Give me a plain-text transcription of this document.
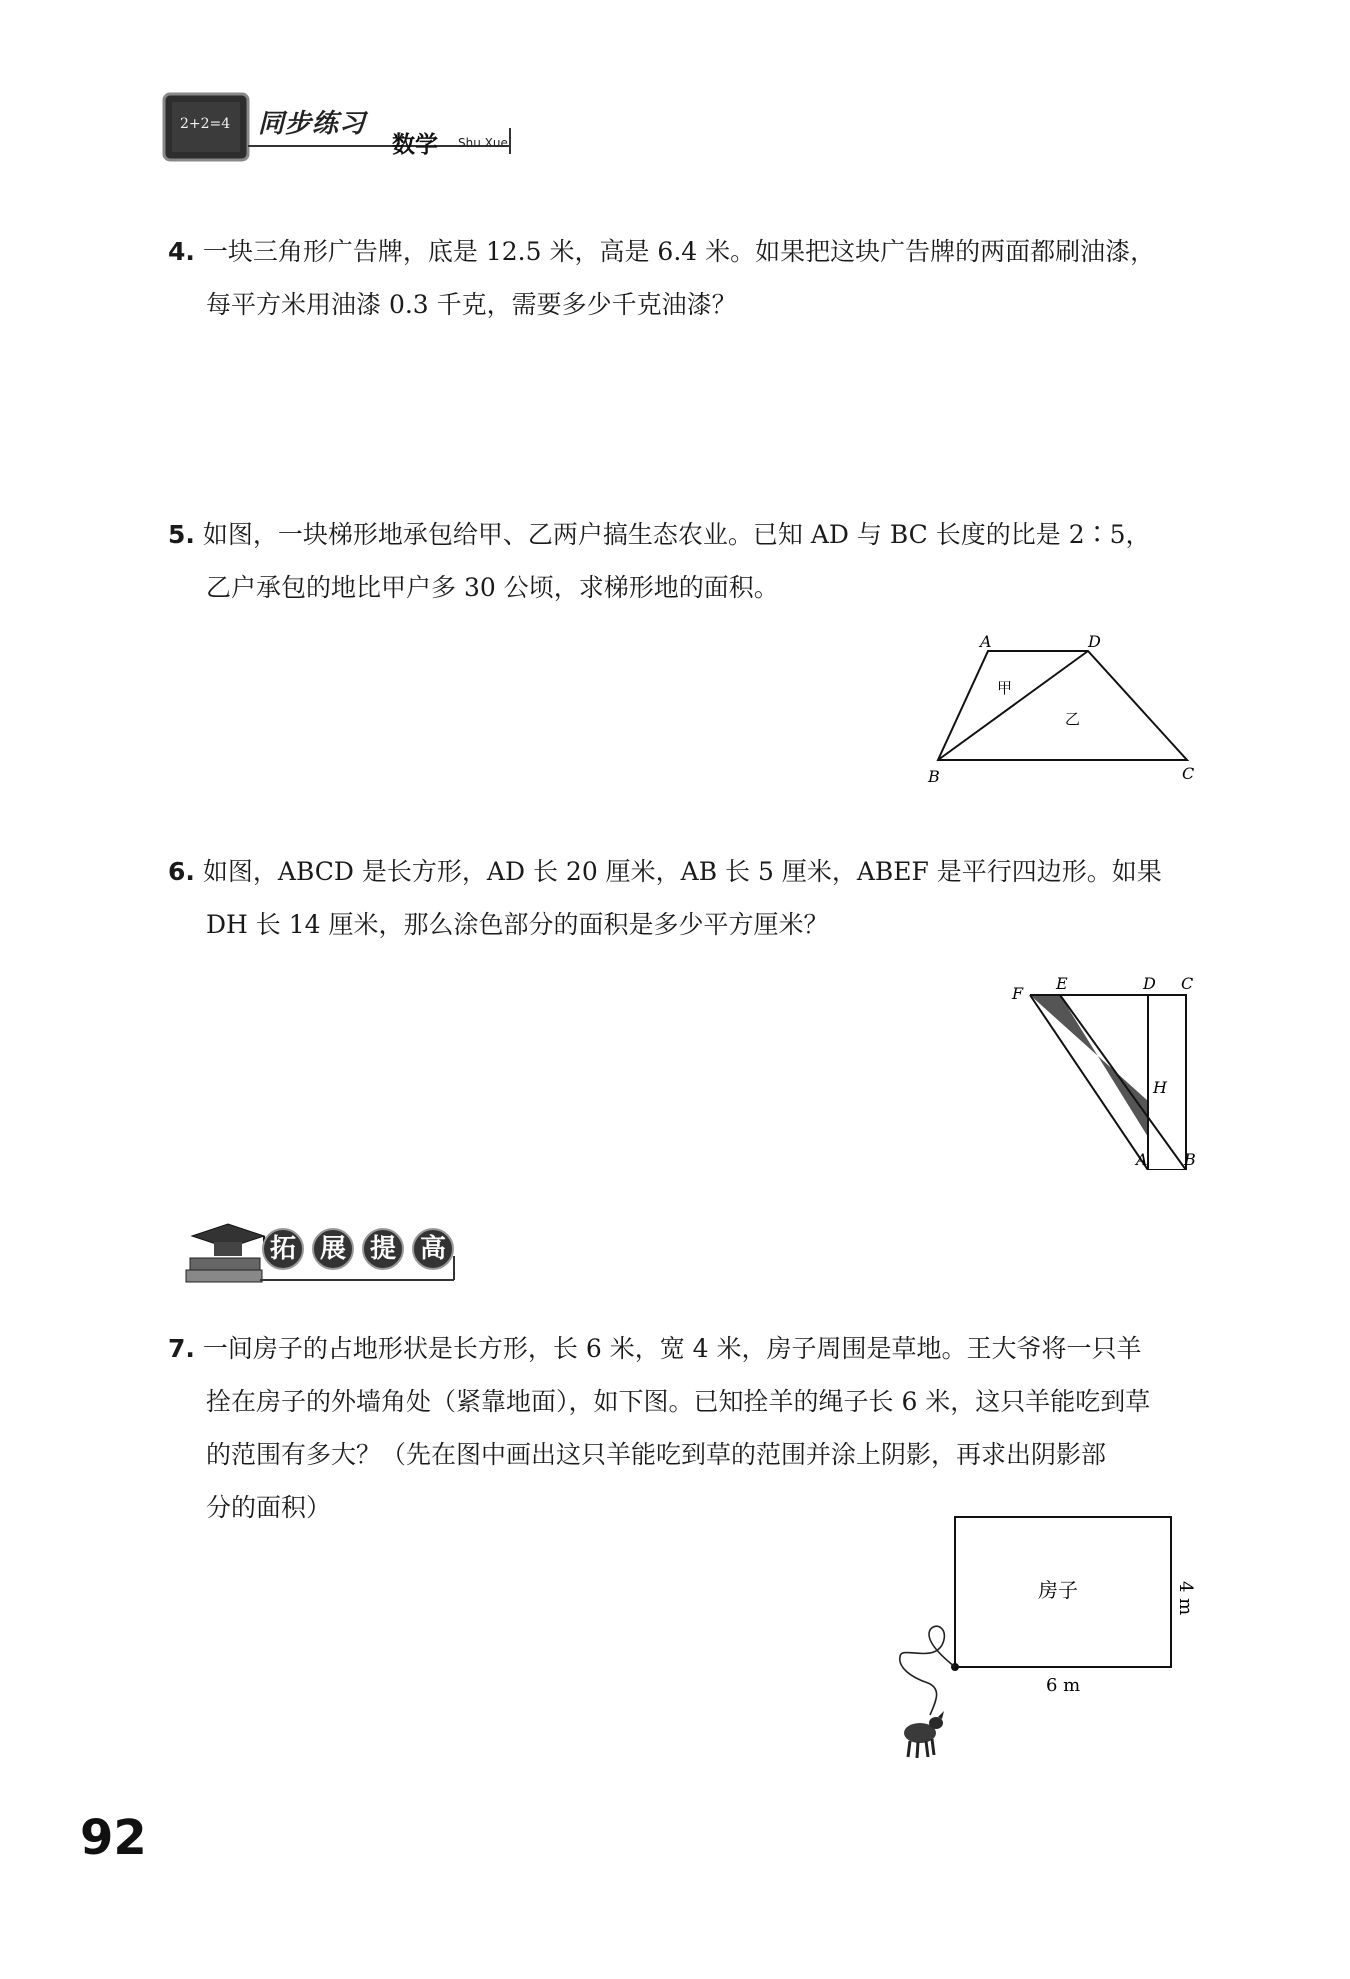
2+2=4 同步练习
数学 Shu Xue
4. 一块三角形广告牌，底是 12.5 米，高是 6.4 米。如果把这块广告牌的两面都刷油漆，
每平方米用油漆 0.3 千克，需要多少千克油漆？
5. 如图，一块梯形地承包给甲、乙两户搞生态农业。已知 AD 与 BC 长度的比是 2∶5，
乙户承包的地比甲户多 30 公顷，求梯形地的面积。
A	D
B	C
甲
乙
6. 如图，ABCD 是长方形，AD 长 20 厘米，AB 长 5 厘米，ABEF 是平行四边形。如果
DH 长 14 厘米，那么涂色部分的面积是多少平方厘米？
F
E	D C
H
A B
拓 展 提 高
7. 一间房子的占地形状是长方形，长 6 米，宽 4 米，房子周围是草地。王大爷将一只羊
拴在房子的外墙角处（紧靠地面），如下图。已知拴羊的绳子长 6 米，这只羊能吃到草
的范围有多大？（先在图中画出这只羊能吃到草的范围并涂上阴影，再求出阴影部
分的面积）
房子
6 m
4 m
92
